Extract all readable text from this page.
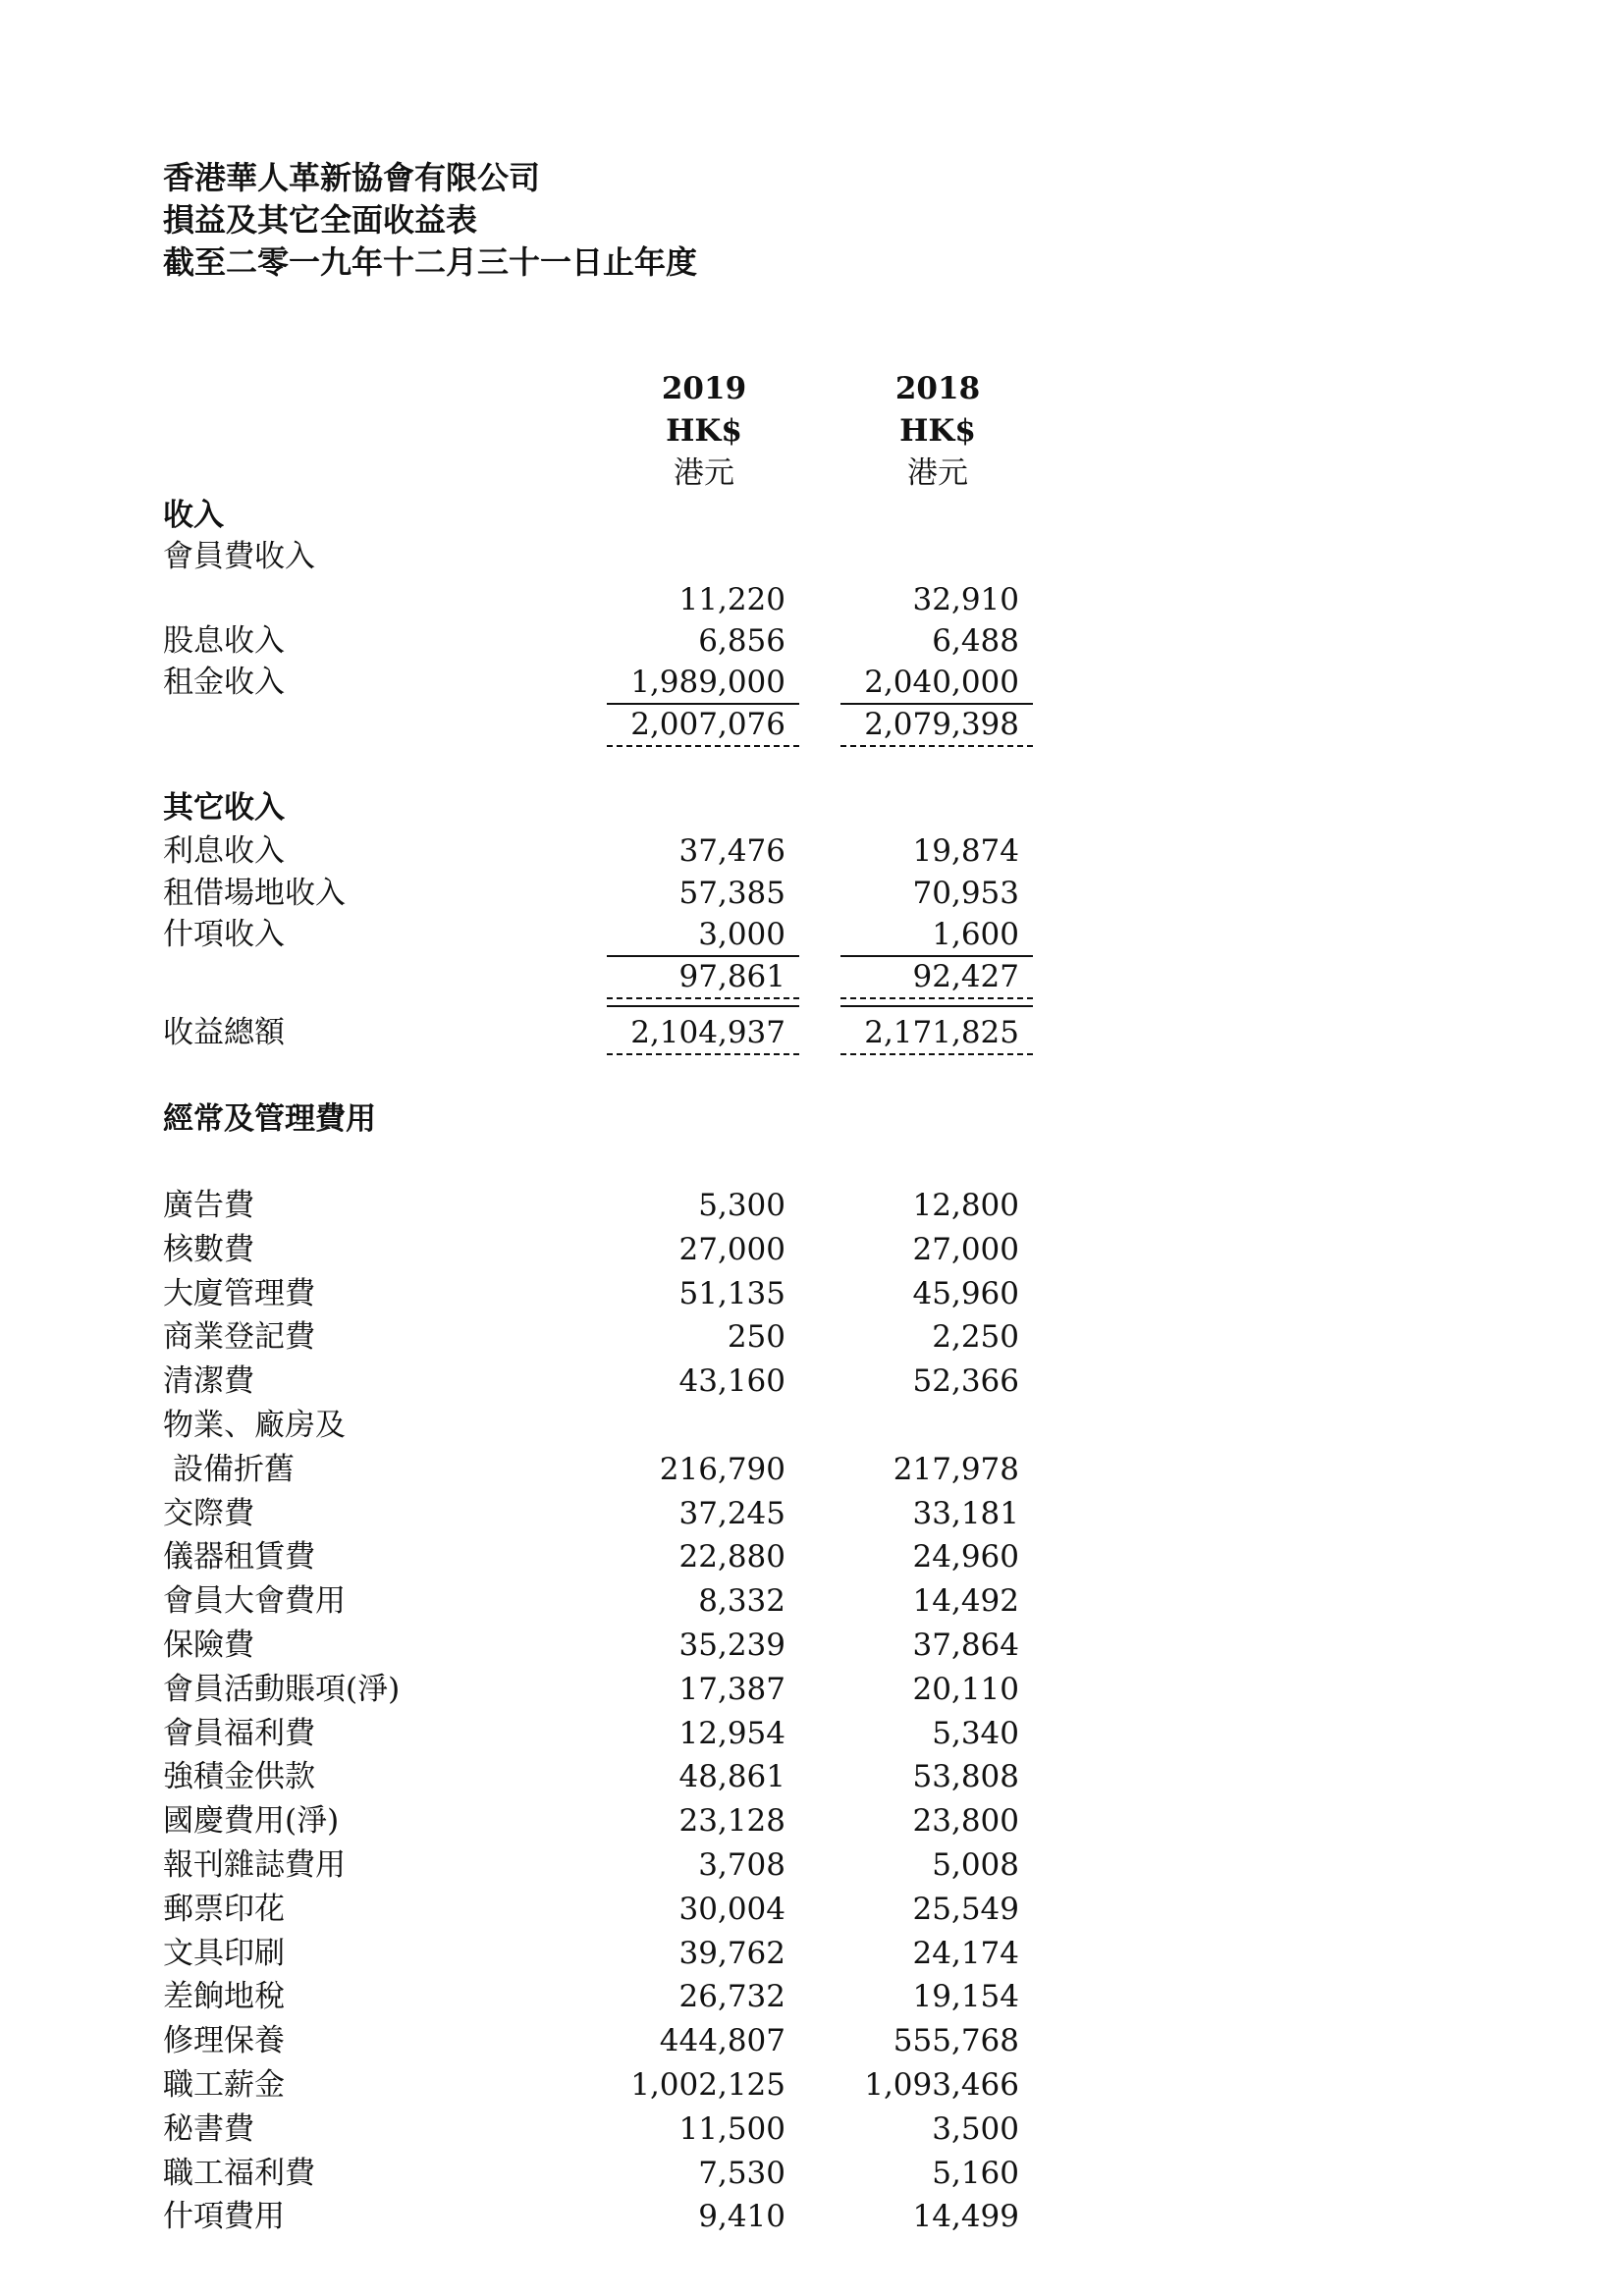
香港華人革新協會有限公司
損益及其它全面收益表
截至二零一九年十二月三十一日止年度
2019	2018
HK$	HK$
港元	港元
收入
會員費收入
11,220	32,910
股息收入	6,856	6,488
租金收入	1,989,000	2,040,000
2,007,076	2,079,398
其它收入
利息收入	37,476	19,874
租借場地收入	57,385	70,953
什項收入	3,000	1,600
97,861	92,427
收益總額	2,104,937	2,171,825
經常及管理費用
廣告費	5,300	12,800
核數費	27,000	27,000
大廈管理費	51,135	45,960
商業登記費	250	2,250
清潔費	43,160	52,366
物業、廠房及
設備折舊	216,790	217,978
交際費	37,245	33,181
儀器租賃費	22,880	24,960
會員大會費用	8,332	14,492
保險費	35,239	37,864
會員活動賬項(淨)	17,387	20,110
會員福利費	12,954	5,340
強積金供款	48,861	53,808
國慶費用(淨)	23,128	23,800
報刊雜誌費用	3,708	5,008
郵票印花	30,004	25,549
文具印刷	39,762	24,174
差餉地稅	26,732	19,154
修理保養	444,807	555,768
職工薪金	1,002,125	1,093,466
秘書費	11,500	3,500
職工福利費	7,530	5,160
什項費用	9,410	14,499
